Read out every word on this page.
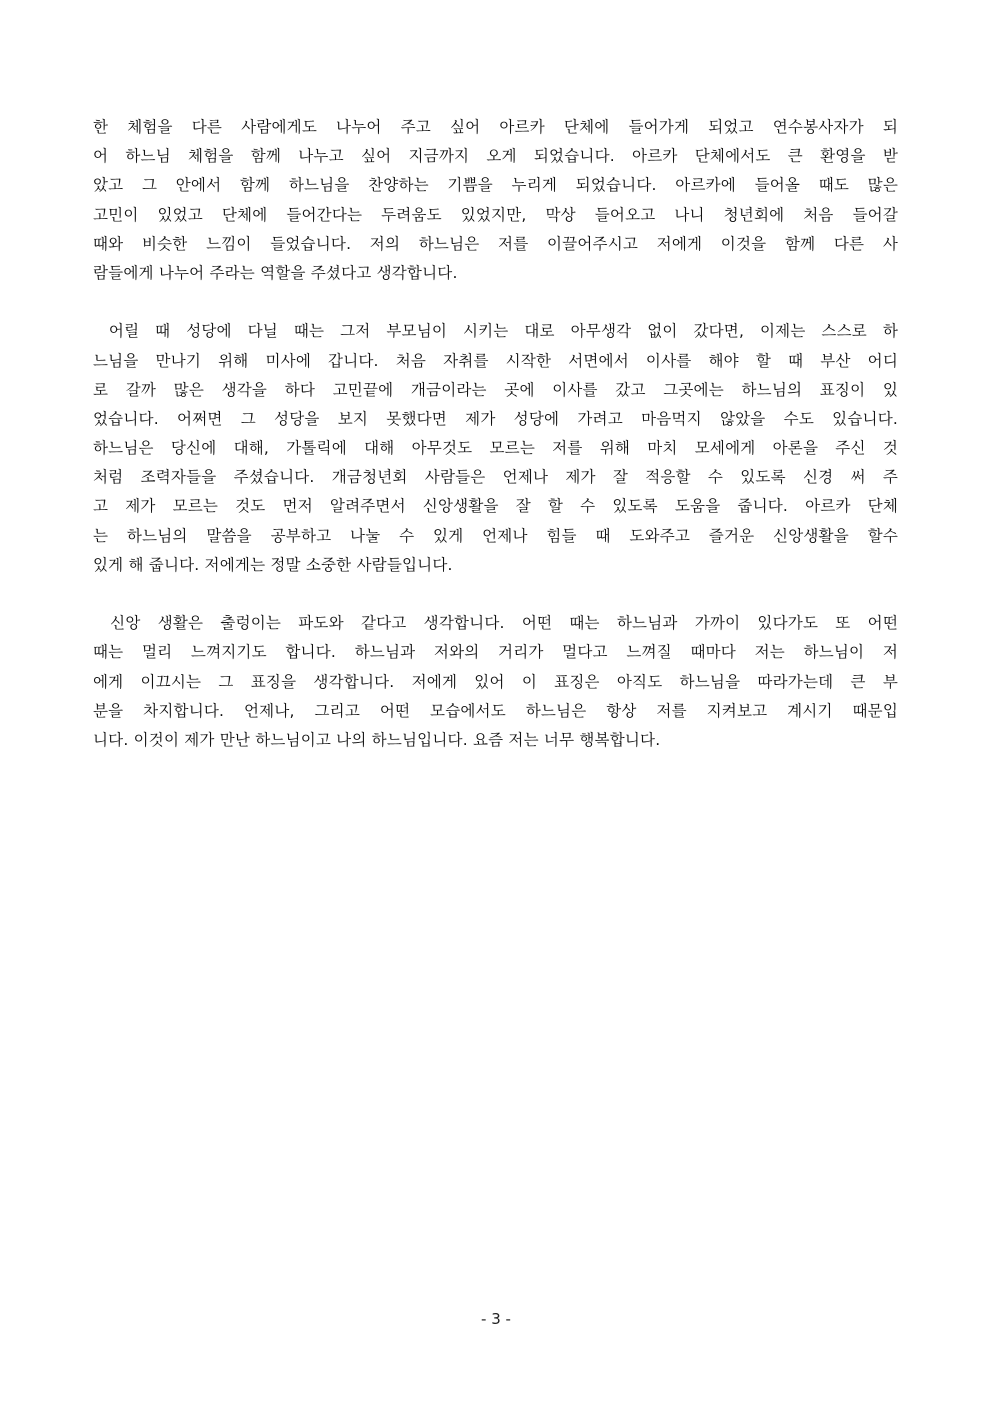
한 체험을 다른 사람에게도 나누어 주고 싶어 아르카 단체에 들어가게 되었고 연수봉사자가 되
어 하느님 체험을 함께 나누고 싶어 지금까지 오게 되었습니다. 아르카 단체에서도 큰 환영을 받
았고 그 안에서 함께 하느님을 찬양하는 기쁨을 누리게 되었습니다. 아르카에 들어올 때도 많은
고민이 있었고 단체에 들어간다는 두려움도 있었지만, 막상 들어오고 나니 청년회에 처음 들어갈
때와 비슷한 느낌이 들었습니다. 저의 하느님은 저를 이끌어주시고 저에게 이것을 함께 다른 사
람들에게 나누어 주라는 역할을 주셨다고 생각합니다.
어릴 때 성당에 다닐 때는 그저 부모님이 시키는 대로 아무생각 없이 갔다면, 이제는 스스로 하
느님을 만나기 위해 미사에 갑니다. 처음 자취를 시작한 서면에서 이사를 해야 할 때 부산 어디
로 갈까 많은 생각을 하다 고민끝에 개금이라는 곳에 이사를 갔고 그곳에는 하느님의 표징이 있
었습니다. 어쩌면 그 성당을 보지 못했다면 제가 성당에 가려고 마음먹지 않았을 수도 있습니다.
하느님은 당신에 대해, 가톨릭에 대해 아무것도 모르는 저를 위해 마치 모세에게 아론을 주신 것
처럼 조력자들을 주셨습니다. 개금청년회 사람들은 언제나 제가 잘 적응할 수 있도록 신경 써 주
고 제가 모르는 것도 먼저 알려주면서 신앙생활을 잘 할 수 있도록 도움을 줍니다. 아르카 단체
는 하느님의 말씀을 공부하고 나눌 수 있게 언제나 힘들 때 도와주고 즐거운 신앙생활을 할수
있게 해 줍니다. 저에게는 정말 소중한 사람들입니다.
신앙 생활은 출렁이는 파도와 같다고 생각합니다. 어떤 때는 하느님과 가까이 있다가도 또 어떤
때는 멀리 느껴지기도 합니다. 하느님과 저와의 거리가 멀다고 느껴질 때마다 저는 하느님이 저
에게 이끄시는 그 표징을 생각합니다. 저에게 있어 이 표징은 아직도 하느님을 따라가는데 큰 부
분을 차지합니다. 언제나, 그리고 어떤 모습에서도 하느님은 항상 저를 지켜보고 계시기 때문입
니다. 이것이 제가 만난 하느님이고 나의 하느님입니다. 요즘 저는 너무 행복합니다.
- 3 -
